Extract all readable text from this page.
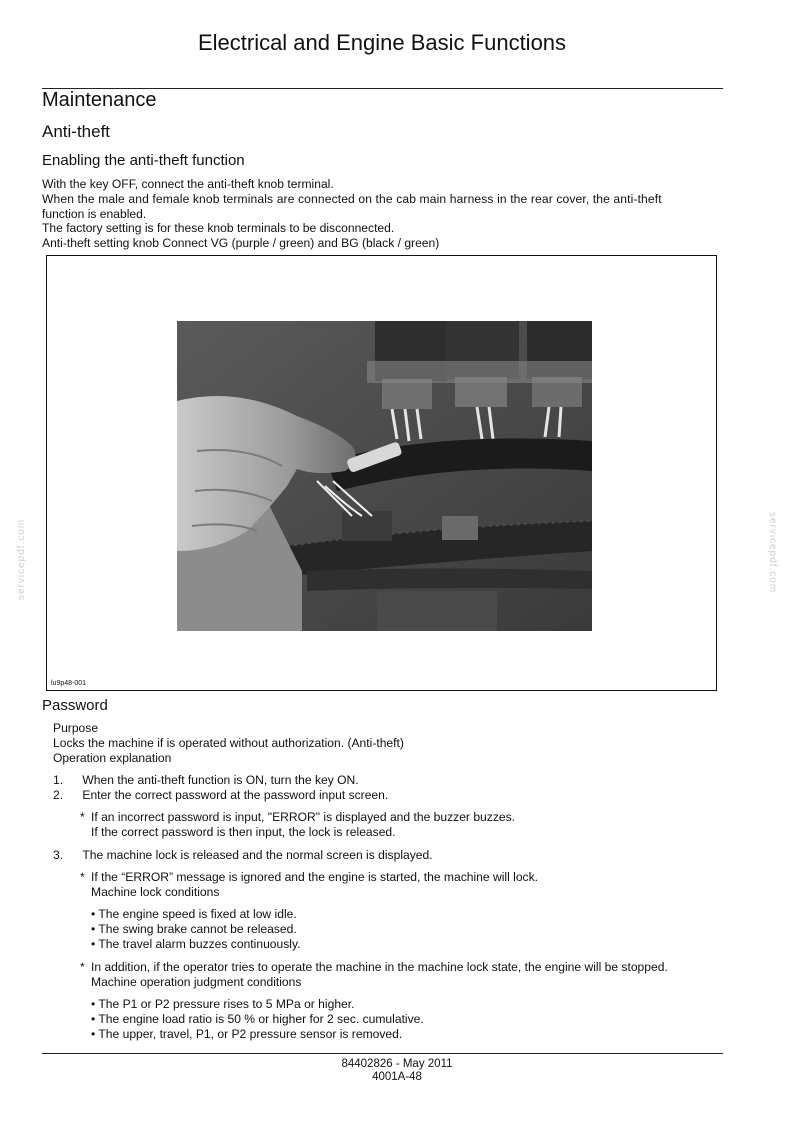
Electrical and Engine Basic Functions
Maintenance
Anti-theft
Enabling the anti-theft function
With the key OFF, connect the anti-theft knob terminal.
When the male and female knob terminals are connected on the cab main harness in the rear cover, the anti-theft
function is enabled.
The factory setting is for these knob terminals to be disconnected.
Anti-theft setting knob Connect VG (purple / green) and BG (black / green)
lu9p48-001
Password
Purpose
Locks the machine if is operated without authorization. (Anti-theft)
Operation explanation
1. When the anti-theft function is ON, turn the key ON.
2. Enter the correct password at the password input screen.
* If an incorrect password is input, "ERROR" is displayed and the buzzer buzzes.
If the correct password is then input, the lock is released.
3. The machine lock is released and the normal screen is displayed.
* If the “ERROR” message is ignored and the engine is started, the machine will lock.
Machine lock conditions
• The engine speed is fixed at low idle.
• The swing brake cannot be released.
• The travel alarm buzzes continuously.
* In addition, if the operator tries to operate the machine in the machine lock state, the engine will be stopped.
Machine operation judgment conditions
• The P1 or P2 pressure rises to 5 MPa or higher.
• The engine load ratio is 50 % or higher for 2 sec. cumulative.
• The upper, travel, P1, or P2 pressure sensor is removed.
84402826 - May 2011
4001A-48
servicepdf.com	servicepdf.com
